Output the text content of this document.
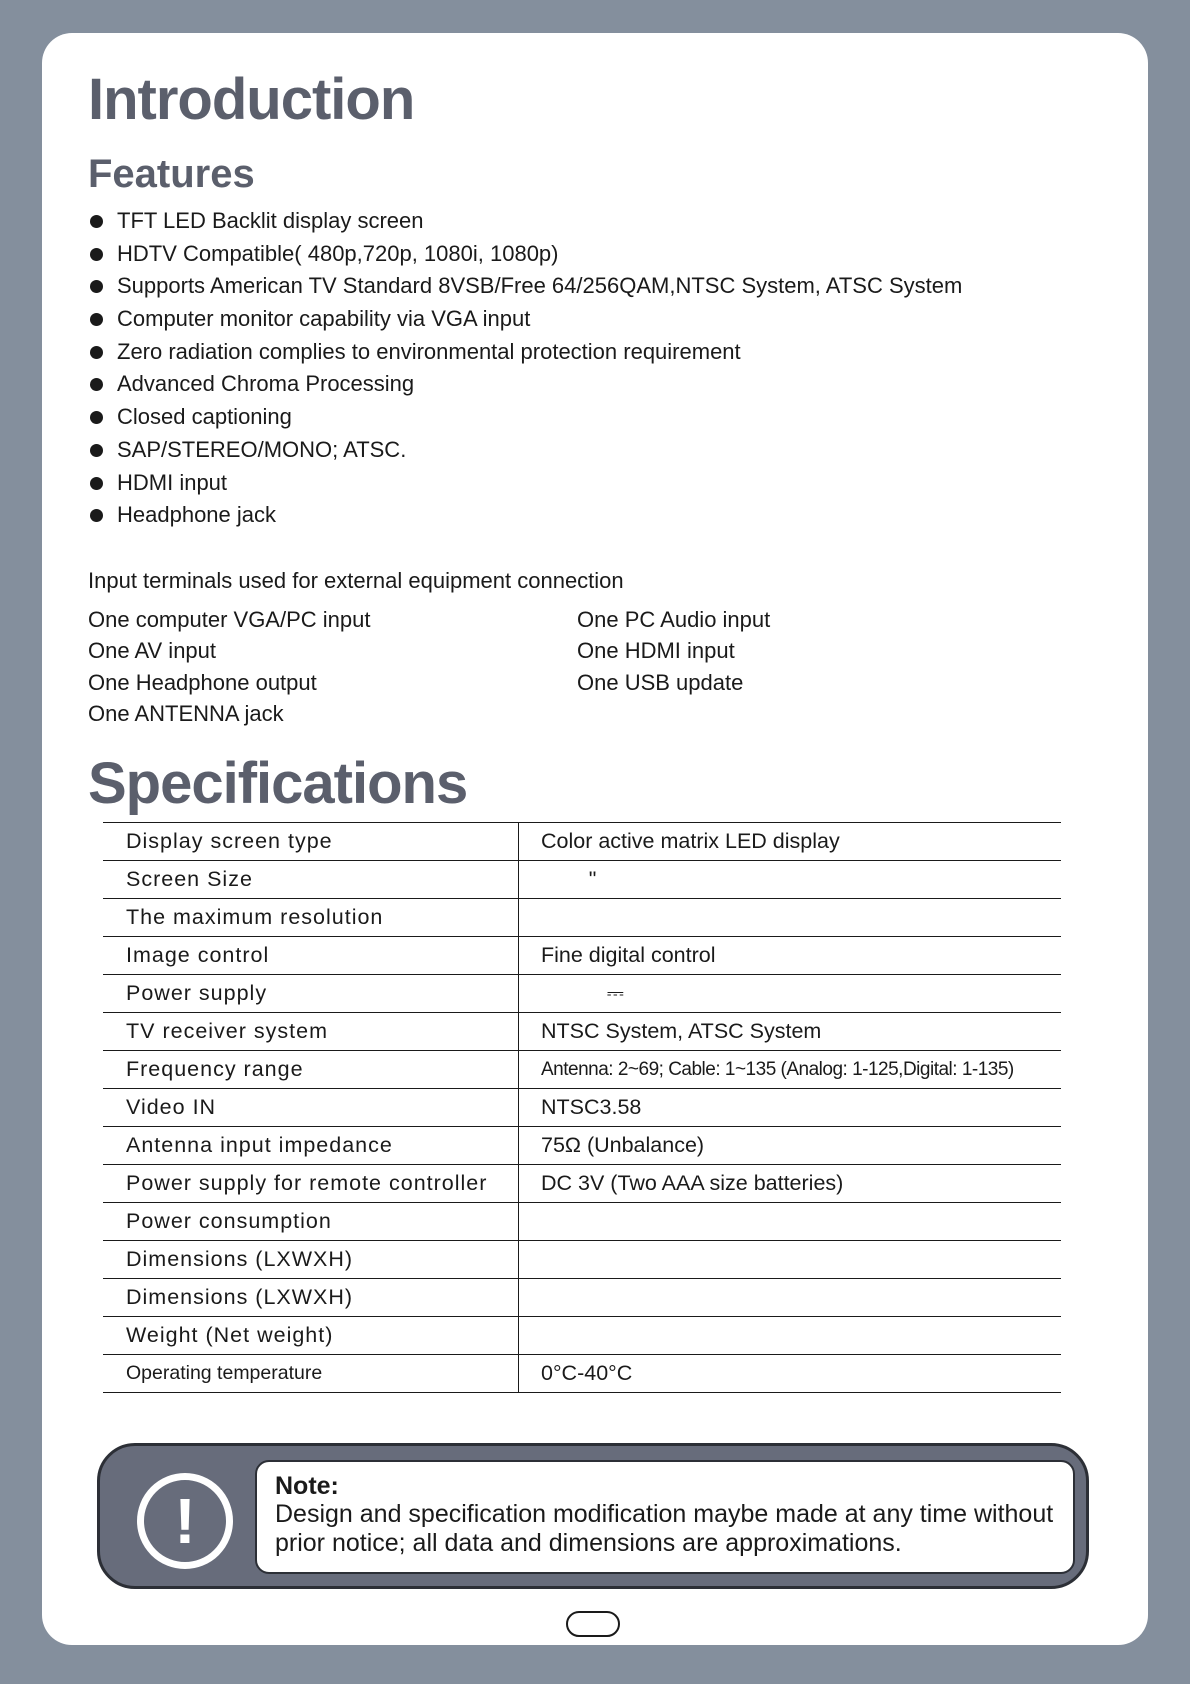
Introduction
Features
TFT LED Backlit display screen
HDTV Compatible( 480p,720p, 1080i, 1080p)
Supports American TV Standard 8VSB/Free 64/256QAM,NTSC System, ATSC System
Computer monitor capability via VGA input
Zero radiation complies to environmental protection requirement
Advanced Chroma Processing
Closed captioning
SAP/STEREO/MONO; ATSC.
HDMI input
Headphone jack
Input terminals used for external equipment connection
One computer VGA/PC input
One AV input
One Headphone output
One ANTENNA jack
One PC Audio input
One HDMI input
One USB update
Specifications
Display screen type	Color active matrix LED display
Screen Size	"
The maximum resolution	
Image control	Fine digital control
Power supply	⎓
TV receiver system	NTSC System, ATSC System
Frequency range	Antenna: 2~69; Cable: 1~135 (Analog: 1-125,Digital: 1-135)
Video IN	NTSC3.58
Antenna input impedance	75Ω (Unbalance)
Power supply for remote controller	DC 3V (Two AAA size batteries)
Power consumption	
Dimensions (LXWXH)	
Dimensions (LXWXH)	
Weight (Net weight)	
Operating temperature	0°C-40°C
!	Note:
Design and specification modification maybe made at any time without
prior notice; all data and dimensions are approximations.
